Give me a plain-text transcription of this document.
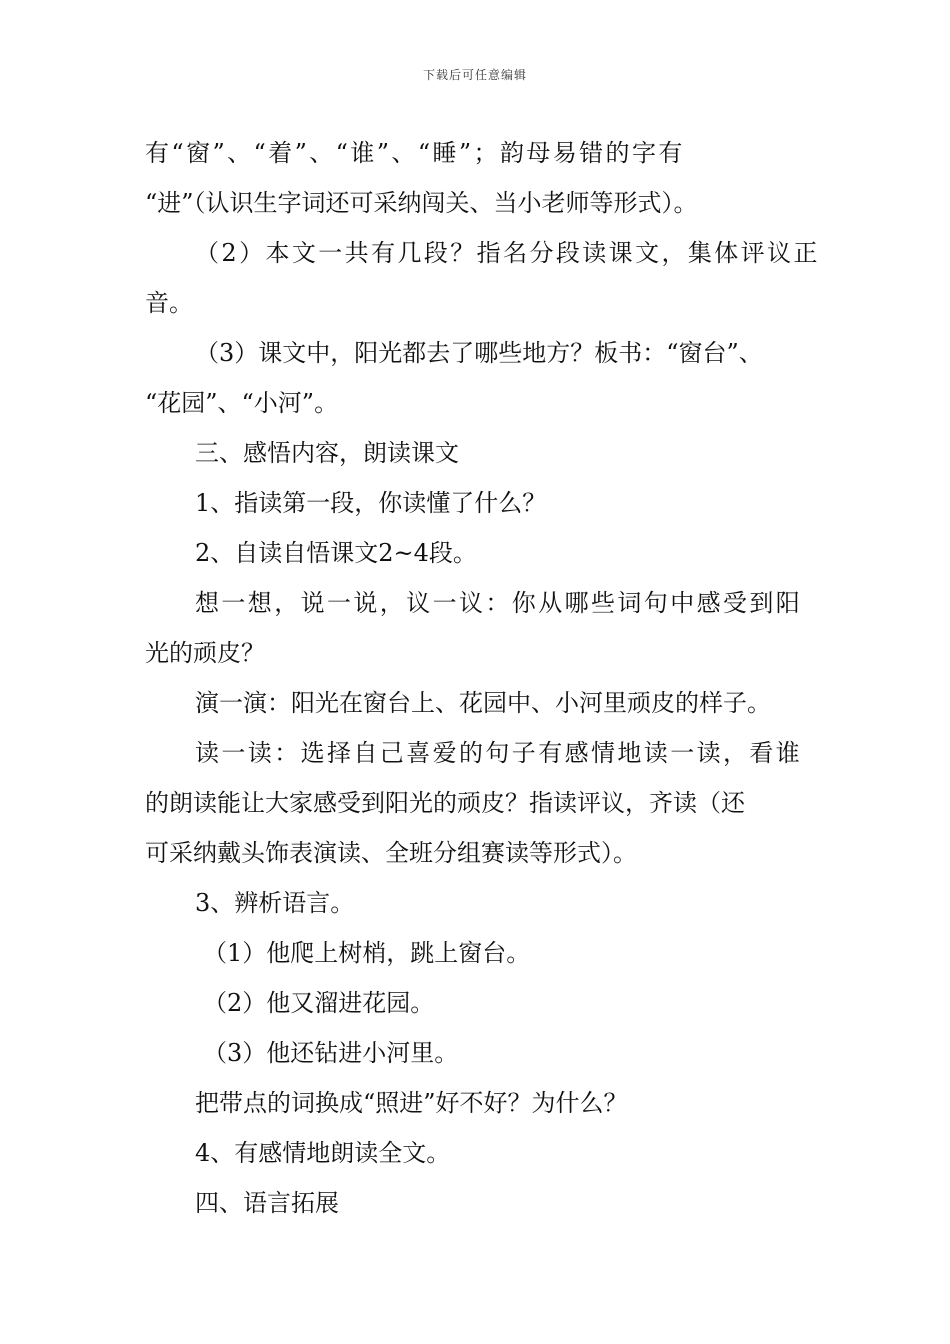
下载后可任意编辑
有“窗”、“着”、“谁”、“睡”；韵母易错的字有
“进”（认识生字词还可采纳闯关、当小老师等形式）。
（2）本文一共有几段？指名分段读课文，集体评议正
音。
（3）课文中，阳光都去了哪些地方？板书：“窗台”、
“花园”、“小河”。
三、感悟内容，朗读课文
1、指读第一段，你读懂了什么？
2、自读自悟课文2~4段。
想一想，说一说，议一议：你从哪些词句中感受到阳
光的顽皮？
演一演：阳光在窗台上、花园中、小河里顽皮的样子。
读一读：选择自己喜爱的句子有感情地读一读，看谁
的朗读能让大家感受到阳光的顽皮？指读评议，齐读（还
可采纳戴头饰表演读、全班分组赛读等形式）。
3、辨析语言。
（1）他爬上树梢，跳上窗台。
（2）他又溜进花园。
（3）他还钻进小河里。
把带点的词换成“照进”好不好？为什么？
4、有感情地朗读全文。
四、语言拓展
